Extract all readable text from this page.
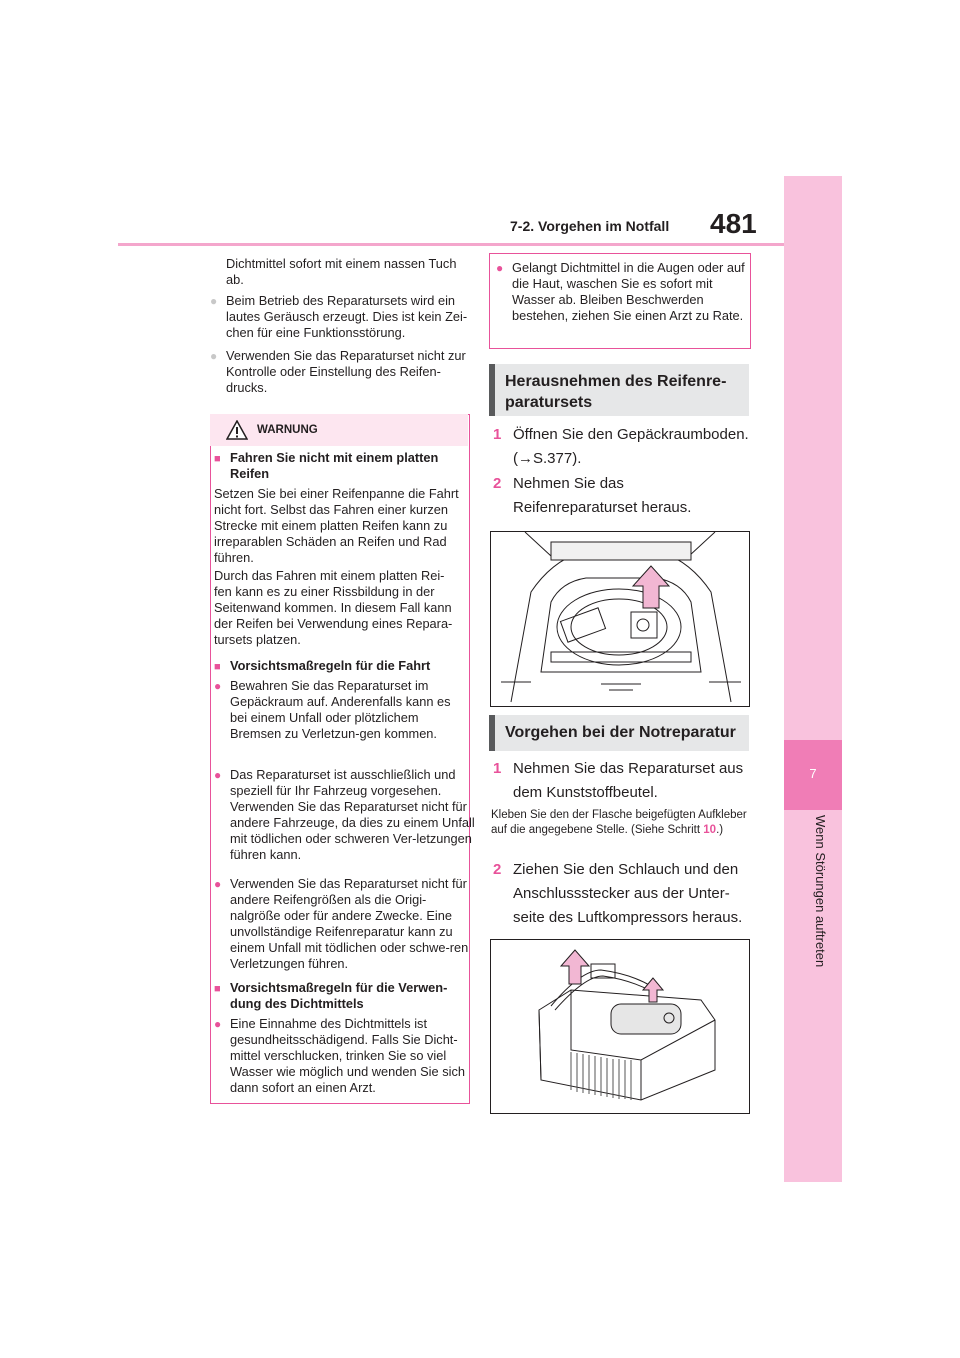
7-2. Vorgehen im Notfall 481
7
Wenn Störungen auftreten
Dichtmittel sofort mit einem nassen Tuch ab.
● Beim Betrieb des Reparatursets wird ein lautes Geräusch erzeugt. Dies ist kein Zei-chen für eine Funktionsstörung.
● Verwenden Sie das Reparaturset nicht zur Kontrolle oder Einstellung des Reifen-drucks.
WARNUNG
■ Fahren Sie nicht mit einem platten Reifen
Setzen Sie bei einer Reifenpanne die Fahrt nicht fort. Selbst das Fahren einer kurzen Strecke mit einem platten Reifen kann zu irreparablen Schäden an Reifen und Rad führen.
Durch das Fahren mit einem platten Rei-fen kann es zu einer Rissbildung in der Seitenwand kommen. In diesem Fall kann der Reifen bei Verwendung eines Repara-tursets platzen.
■ Vorsichtsmaßregeln für die Fahrt
● Bewahren Sie das Reparaturset im Gepäckraum auf. Anderenfalls kann es bei einem Unfall oder plötzlichem Bremsen zu Verletzun-gen kommen.
● Das Reparaturset ist ausschließlich und speziell für Ihr Fahrzeug vorgesehen. Verwenden Sie das Reparaturset nicht für andere Fahrzeuge, da dies zu einem Unfall mit tödlichen oder schweren Ver-letzungen führen kann.
● Verwenden Sie das Reparaturset nicht für andere Reifengrößen als die Origi-nalgröße oder für andere Zwecke. Eine unvollständige Reifenreparatur kann zu einem Unfall mit tödlichen oder schwe-ren Verletzungen führen.
■ Vorsichtsmaßregeln für die Verwen-dung des Dichtmittels
● Eine Einnahme des Dichtmittels ist gesundheitsschädigend. Falls Sie Dicht-mittel verschlucken, trinken Sie so viel Wasser wie möglich und wenden Sie sich dann sofort an einen Arzt.
● Gelangt Dichtmittel in die Augen oder auf die Haut, waschen Sie es sofort mit Wasser ab. Bleiben Beschwerden bestehen, ziehen Sie einen Arzt zu Rate.
Herausnehmen des Reifenre-paratursets
1 Öffnen Sie den Gepäckraumboden. (→S.377).
2 Nehmen Sie das Reifenreparaturset heraus.
Vorgehen bei der Notreparatur
1 Nehmen Sie das Reparaturset aus dem Kunststoffbeutel.
Kleben Sie den der Flasche beigefügten Aufkleber auf die angegebene Stelle. (Siehe Schritt 10.)
2 Ziehen Sie den Schlauch und den Anschlussstecker aus der Unter-seite des Luftkompressors heraus.
